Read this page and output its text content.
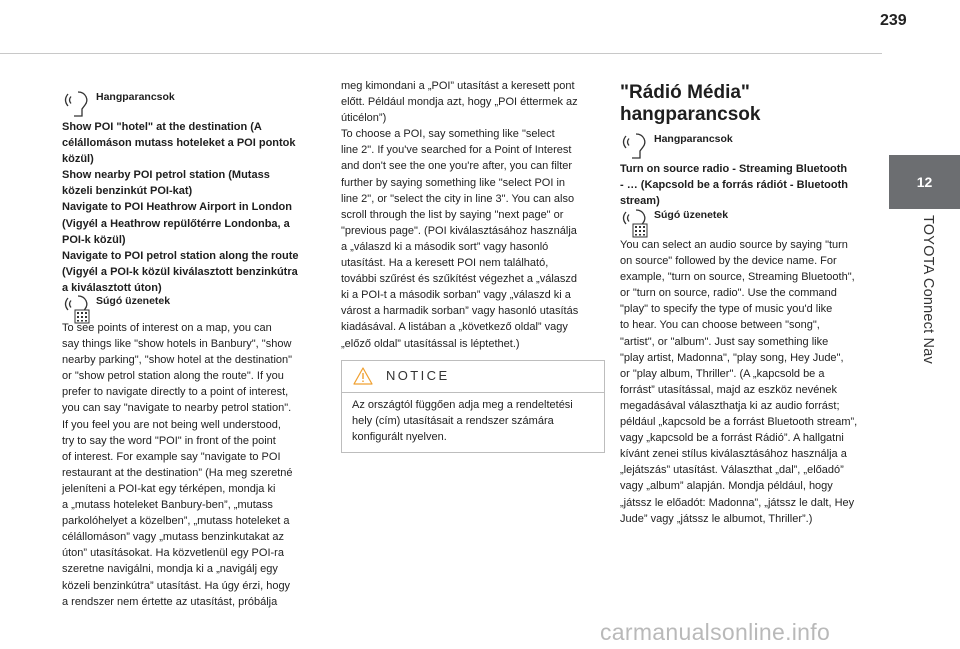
239
12
TOYOTA Connect Nav
Hangparancsok
Show POI "hotel" at the destination (A
célállomáson mutass hoteleket a POI pontok
közül)
Show nearby POI petrol station (Mutass
közeli benzinkút POI-kat)
Navigate to POI Heathrow Airport in London
(Vigyél a Heathrow repülőtérre Londonba, a
POI-k közül)
Navigate to POI petrol station along the route
(Vigyél a POI-k közül kiválasztott benzinkútra
a kiválasztott úton)
Súgó üzenetek
To see points of interest on a map, you can
say things like "show hotels in Banbury", "show
nearby parking", "show hotel at the destination"
or "show petrol station along the route". If you
prefer to navigate directly to a point of interest,
you can say "navigate to nearby petrol station".
If you feel you are not being well understood,
try to say the word "POI" in front of the point
of interest. For example say "navigate to POI
restaurant at the destination” (Ha meg szeretné
jeleníteni a POI-kat egy térképen, mondja ki
a „mutass hoteleket Banbury-ben”, „mutass
parkolóhelyet a közelben”, „mutass hoteleket a
célállomáson” vagy „mutass benzinkutakat az
úton” utasításokat. Ha közvetlenül egy POI-ra
szeretne navigálni, mondja ki a „navigálj egy
közeli benzinkútra” utasítást. Ha úgy érzi, hogy
a rendszer nem értette az utasítást, próbálja
meg kimondani a „POI” utasítást a keresett pont
előtt. Például mondja azt, hogy „POI éttermek az
úticélon”)
To choose a POI, say something like "select
line 2". If you've searched for a Point of Interest
and don't see the one you're after, you can filter
further by saying something like "select POI in
line 2", or "select the city in line 3". You can also
scroll through the list by saying "next page" or
"previous page". (POI kiválasztásához használja
a „válaszd ki a második sort” vagy hasonló
utasítást. Ha a keresett POI nem található,
további szűrést és szűkítést végezhet a „válaszd
ki a POI-t a második sorban” vagy „válaszd ki a
várost a harmadik sorban” vagy hasonló utasítás
kiadásával. A listában a „következő oldal” vagy
„előző oldal” utasítással is léptethet.)
NOTICE
Az országtól függően adja meg a rendeltetési
hely (cím) utasításait a rendszer számára
konfigurált nyelven.
"Rádió Média"
hangparancsok
Hangparancsok
Turn on source radio - Streaming Bluetooth
- … (Kapcsold be a forrás rádiót - Bluetooth
stream)
Súgó üzenetek
You can select an audio source by saying "turn
on source" followed by the device name. For
example, "turn on source, Streaming Bluetooth",
or "turn on source, radio". Use the command
"play" to specify the type of music you'd like
to hear. You can choose between "song",
"artist", or "album". Just say something like
"play artist, Madonna", "play song, Hey Jude",
or "play album, Thriller". (A „kapcsold be a
forrást” utasítással, majd az eszköz nevének
megadásával választhatja ki az audio forrást;
például „kapcsold be a forrást Bluetooth stream”,
vagy „kapcsold be a forrást Rádió”. A hallgatni
kívánt zenei stílus kiválasztásához használja a
„lejátszás” utasítást. Választhat „dal”, „előadó”
vagy „album” alapján. Mondja például, hogy
„játssz le előadót: Madonna”, „játssz le dalt, Hey
Jude” vagy „játssz le albumot, Thriller”.)
carmanualsonline.info
